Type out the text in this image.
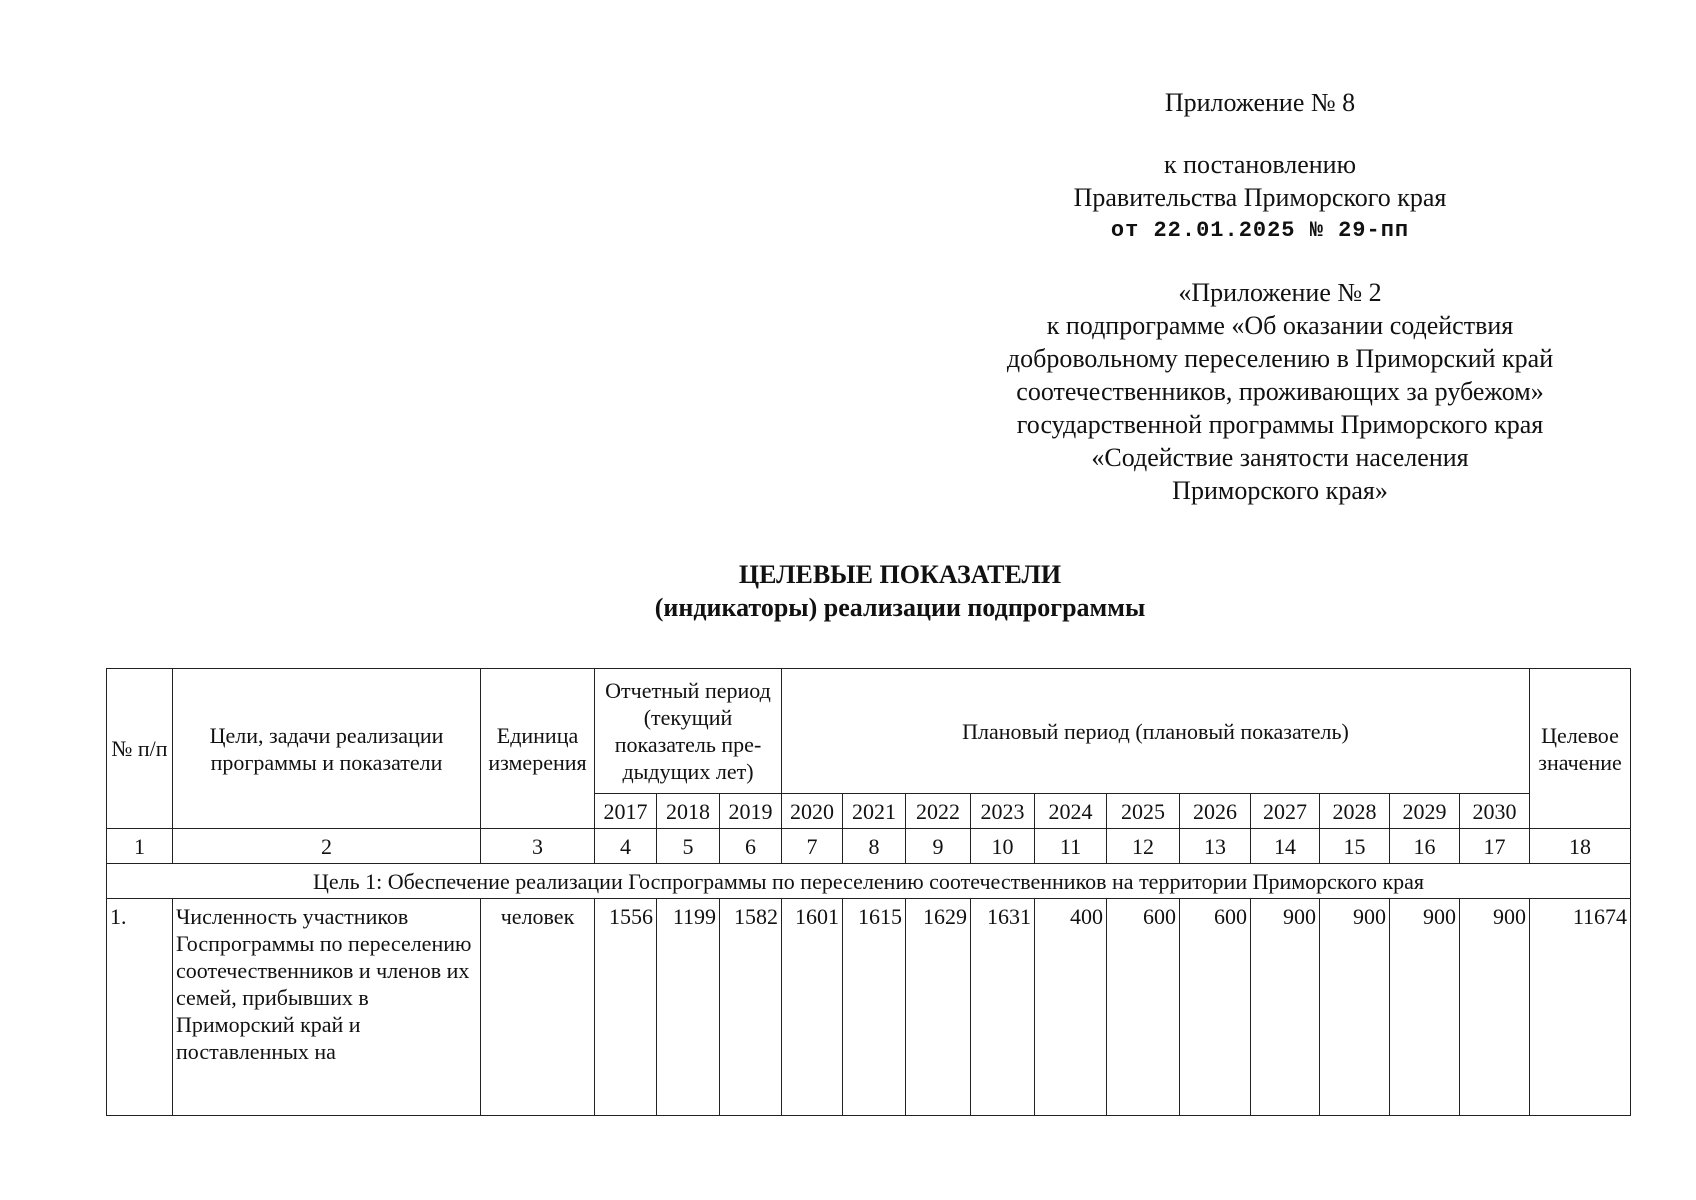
Приложение № 8
к постановлению
Правительства Приморского края
от 22.01.2025 № 29-пп
«Приложение № 2
к подпрограмме «Об оказании содействия
добровольному переселению в Приморский край
соотечественников, проживающих за рубежом»
государственной программы Приморского края
«Содействие занятости населения
Приморского края»
ЦЕЛЕВЫЕ ПОКАЗАТЕЛИ
(индикаторы) реализации подпрограммы
№ п/п	Цели, задачи реализации программы и показатели	Единица измерения	Отчетный период (текущий показатель предыдущих лет)			Плановый период (плановый показатель)											Целевое значение
			2017	2018	2019	2020	2021	2022	2023	2024	2025	2026	2027	2028	2029	2030	
1	2	3	4	5	6	7	8	9	10	11	12	13	14	15	16	17	18
Цель 1: Обеспечение реализации Госпрограммы по переселению соотечественников на территории Приморского края																	
1.	Численность участников Госпрограммы по переселению соотечественников и членов их семей, прибывших в Приморский край и поставленных на	человек	1556	1199	1582	1601	1615	1629	1631	400	600	600	900	900	900	900	11674
